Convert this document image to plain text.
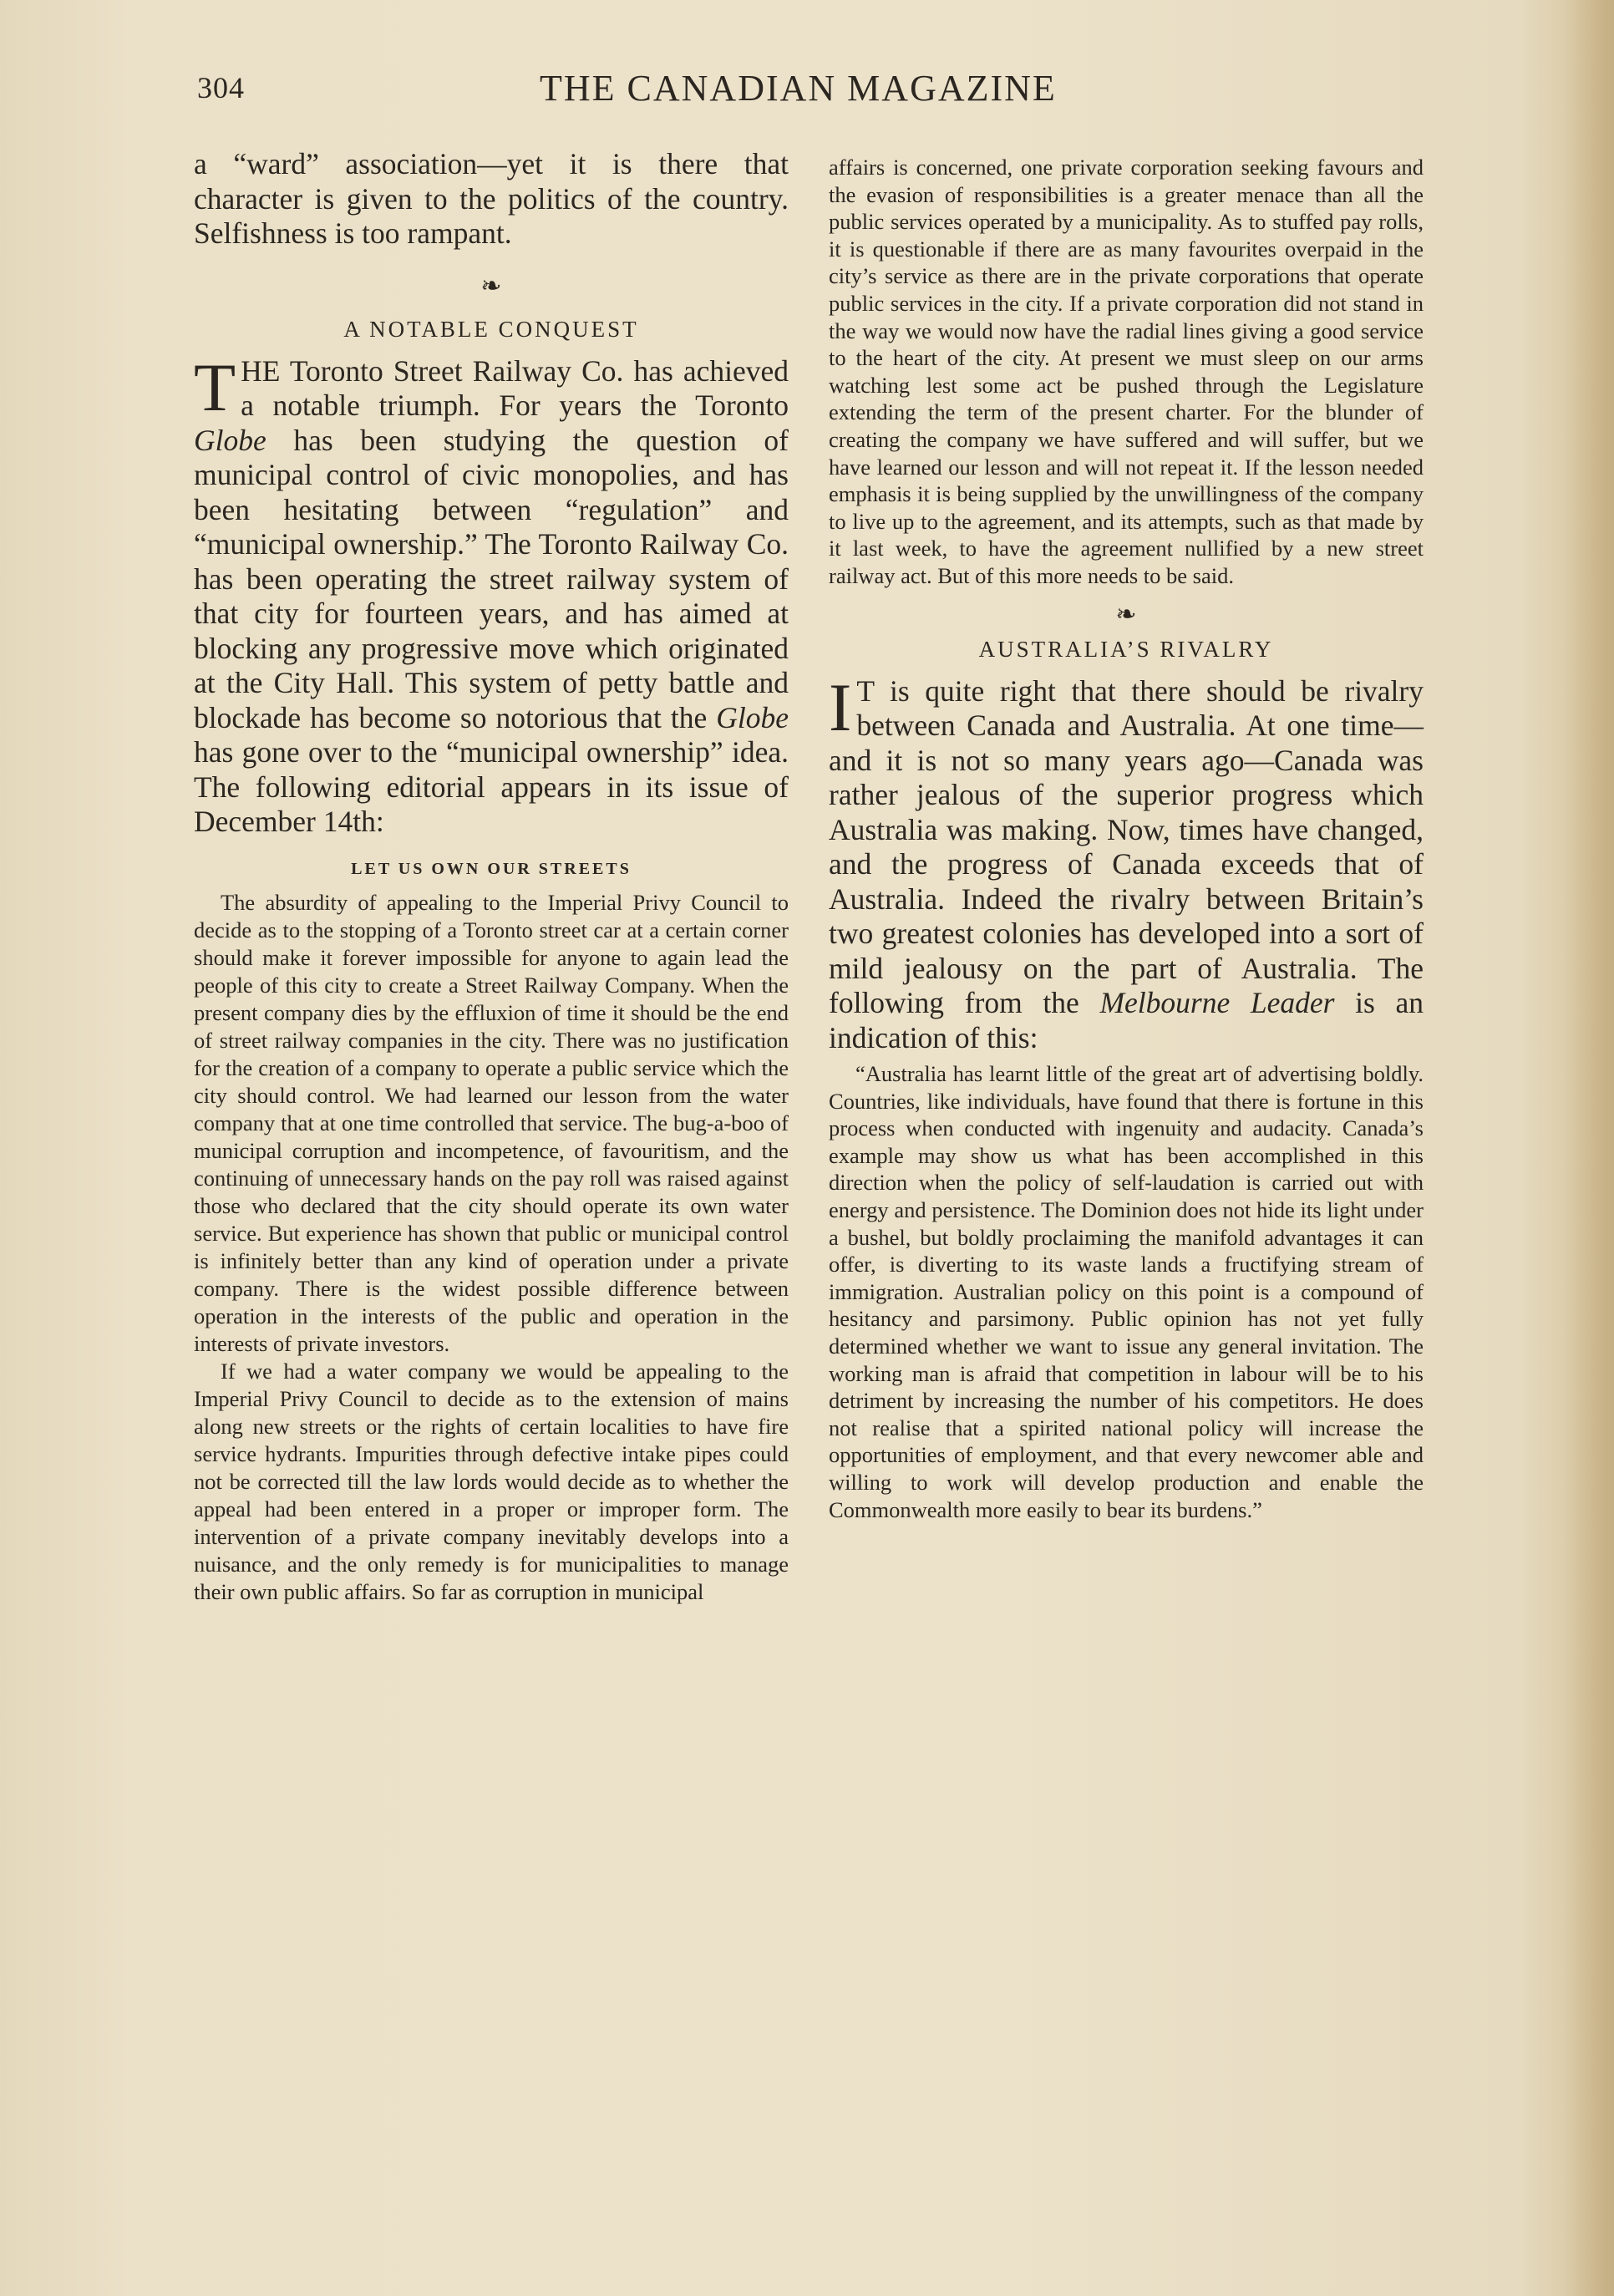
304	THE CANADIAN MAGAZINE

a “ward” association—yet it is there that character is given to the politics of the country. Selfishness is too rampant.

❧
A NOTABLE CONQUEST

THE Toronto Street Railway Co. has achieved a notable triumph. For years the Toronto Globe has been studying the question of municipal control of civic monopolies, and has been hesitating between “regulation” and “municipal ownership.” The Toronto Railway Co. has been operating the street railway system of that city for fourteen years, and has aimed at blocking any progressive move which originated at the City Hall. This system of petty battle and blockade has become so notorious that the Globe has gone over to the “municipal ownership” idea. The following editorial appears in its issue of December 14th:

LET US OWN OUR STREETS

The absurdity of appealing to the Imperial Privy Council to decide as to the stopping of a Toronto street car at a certain corner should make it forever impossible for anyone to again lead the people of this city to create a Street Railway Company. When the present company dies by the effluxion of time it should be the end of street railway companies in the city. There was no justification for the creation of a company to operate a public service which the city should control. We had learned our lesson from the water company that at one time controlled that service. The bug-a-boo of municipal corruption and incompetence, of favouritism, and the continuing of unnecessary hands on the pay roll was raised against those who declared that the city should operate its own water service. But experience has shown that public or municipal control is infinitely better than any kind of operation under a private company. There is the widest possible difference between operation in the interests of the public and operation in the interests of private investors.

If we had a water company we would be appealing to the Imperial Privy Council to decide as to the extension of mains along new streets or the rights of certain localities to have fire service hydrants. Impurities through defective intake pipes could not be corrected till the law lords would decide as to whether the appeal had been entered in a proper or improper form. The intervention of a private company inevitably develops into a nuisance, and the only remedy is for municipalities to manage their own public affairs. So far as corruption in municipal

affairs is concerned, one private corporation seeking favours and the evasion of responsibilities is a greater menace than all the public services operated by a municipality. As to stuffed pay rolls, it is questionable if there are as many favourites overpaid in the city’s service as there are in the private corporations that operate public services in the city. If a private corporation did not stand in the way we would now have the radial lines giving a good service to the heart of the city. At present we must sleep on our arms watching lest some act be pushed through the Legislature extending the term of the present charter. For the blunder of creating the company we have suffered and will suffer, but we have learned our lesson and will not repeat it. If the lesson needed emphasis it is being supplied by the unwillingness of the company to live up to the agreement, and its attempts, such as that made by it last week, to have the agreement nullified by a new street railway act. But of this more needs to be said.

❧
AUSTRALIA’S RIVALRY

I T is quite right that there should be rivalry between Canada and Australia. At one time—and it is not so many years ago—Canada was rather jealous of the superior progress which Australia was making. Now, times have changed, and the progress of Canada exceeds that of Australia. Indeed the rivalry between Britain’s two greatest colonies has developed into a sort of mild jealousy on the part of Australia. The following from the Melbourne Leader is an indication of this:

“Australia has learnt little of the great art of advertising boldly. Countries, like individuals, have found that there is fortune in this process when conducted with ingenuity and audacity. Canada’s example may show us what has been accomplished in this direction when the policy of self-laudation is carried out with energy and persistence. The Dominion does not hide its light under a bushel, but boldly proclaiming the manifold advantages it can offer, is diverting to its waste lands a fructifying stream of immigration. Australian policy on this point is a compound of hesitancy and parsimony. Public opinion has not yet fully determined whether we want to issue any general invitation. The working man is afraid that competition in labour will be to his detriment by increasing the number of his competitors. He does not realise that a spirited national policy will increase the opportunities of employment, and that every newcomer able and willing to work will develop production and enable the Commonwealth more easily to bear its burdens.”
